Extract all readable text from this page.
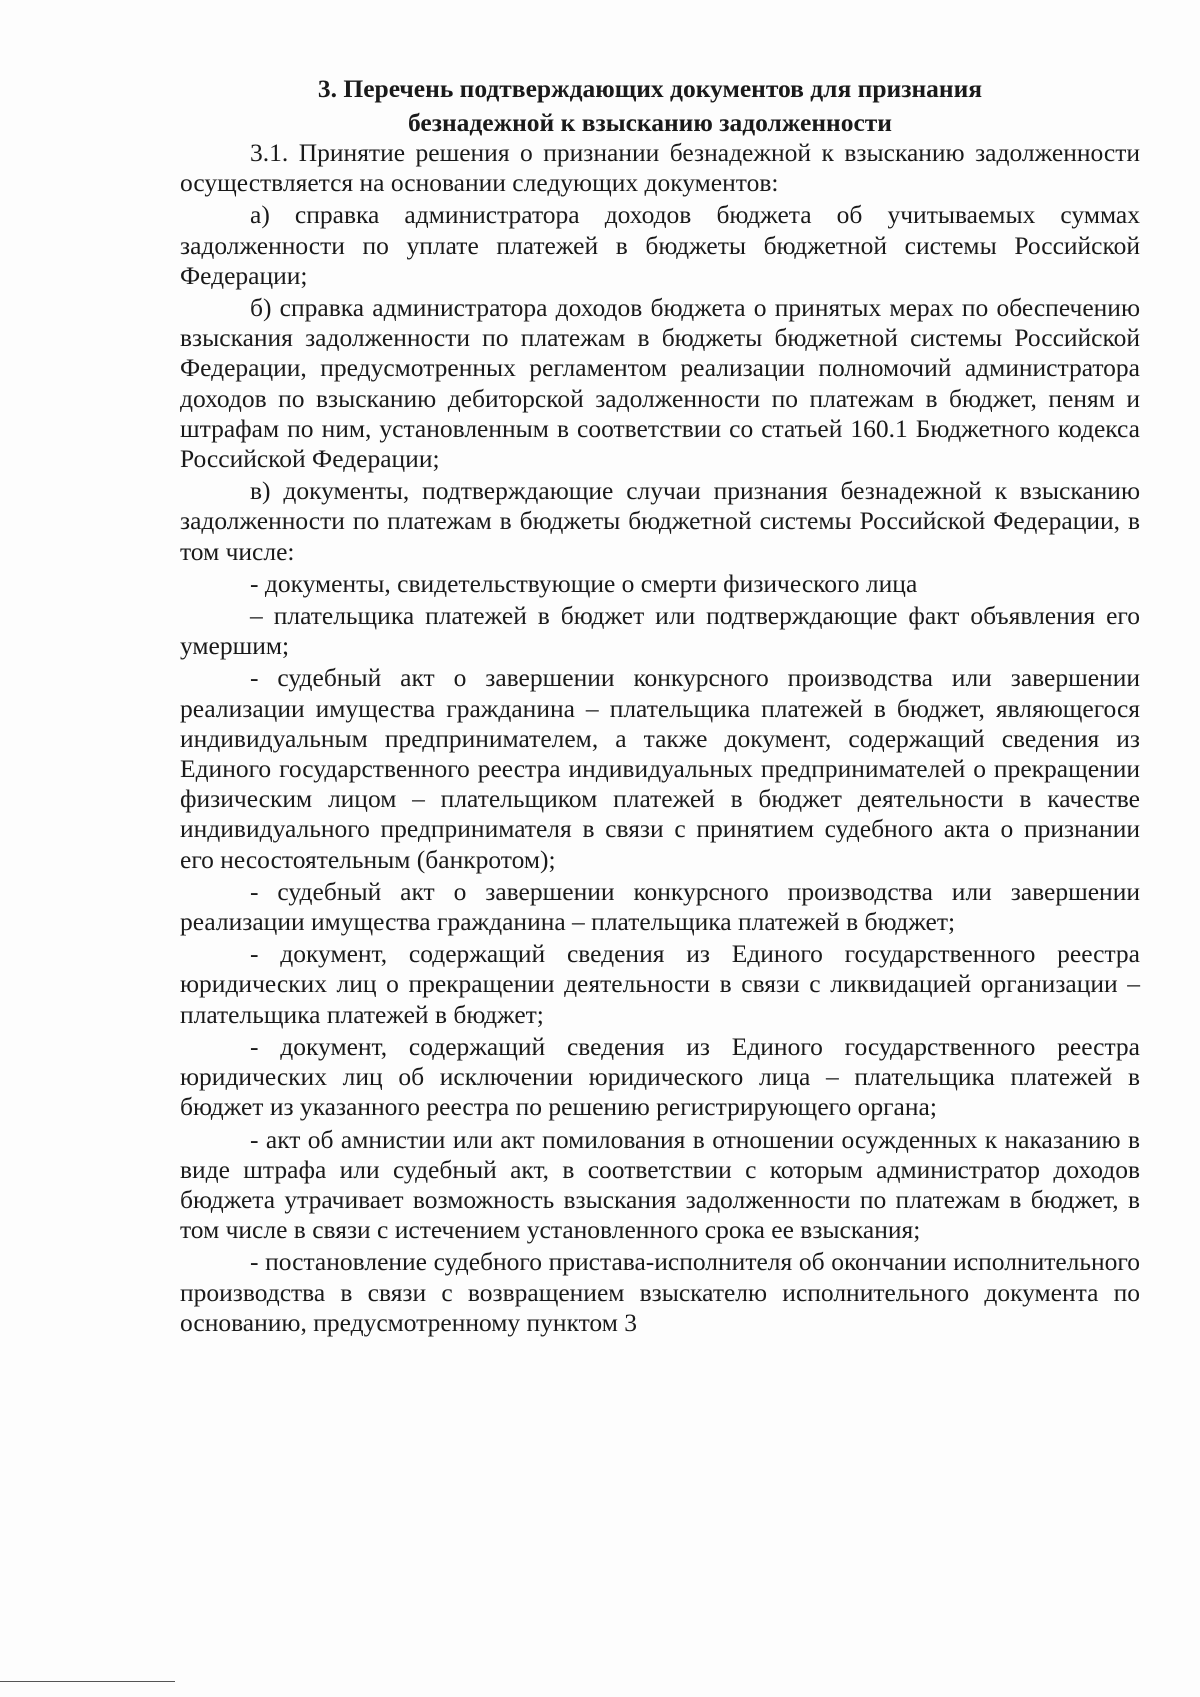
3. Перечень подтверждающих документов для признания
безнадежной к взысканию задолженности

3.1. Принятие решения о признании безнадежной к взысканию задолженности осуществляется на основании следующих документов:

а) справка администратора доходов бюджета об учитываемых суммах задолженности по уплате платежей в бюджеты бюджетной системы Российской Федерации;

б) справка администратора доходов бюджета о принятых мерах по обеспечению взыскания задолженности по платежам в бюджеты бюджетной системы Российской Федерации, предусмотренных регламентом реализации полномочий администратора доходов по взысканию дебиторской задолженности по платежам в бюджет, пеням и штрафам по ним, установленным в соответствии со статьей 160.1 Бюджетного кодекса Российской Федерации;

в) документы, подтверждающие случаи признания безнадежной к взысканию задолженности по платежам в бюджеты бюджетной системы Российской Федерации, в том числе:

- документы, свидетельствующие о смерти физического лица

– плательщика платежей в бюджет или подтверждающие факт объявления его умершим;

- судебный акт о завершении конкурсного производства или завершении реализации имущества гражданина – плательщика платежей в бюджет, являющегося индивидуальным предпринимателем, а также документ, содержащий сведения из Единого государственного реестра индивидуальных предпринимателей о прекращении физическим лицом – плательщиком платежей в бюджет деятельности в качестве индивидуального предпринимателя в связи с принятием судебного акта о признании его несостоятельным (банкротом);

- судебный акт о завершении конкурсного производства или завершении реализации имущества гражданина – плательщика платежей в бюджет;

- документ, содержащий сведения из Единого государственного реестра юридических лиц о прекращении деятельности в связи с ликвидацией организации – плательщика платежей в бюджет;

- документ, содержащий сведения из Единого государственного реестра юридических лиц об исключении юридического лица – плательщика платежей в бюджет из указанного реестра по решению регистрирующего органа;

- акт об амнистии или акт помилования в отношении осужденных к наказанию в виде штрафа или судебный акт, в соответствии с которым администратор доходов бюджета утрачивает возможность взыскания задолженности по платежам в бюджет, в том числе в связи с истечением установленного срока ее взыскания;

- постановление судебного пристава-исполнителя об окончании исполнительного производства в связи с возвращением взыскателю исполнительного документа по основанию, предусмотренному пунктом 3
